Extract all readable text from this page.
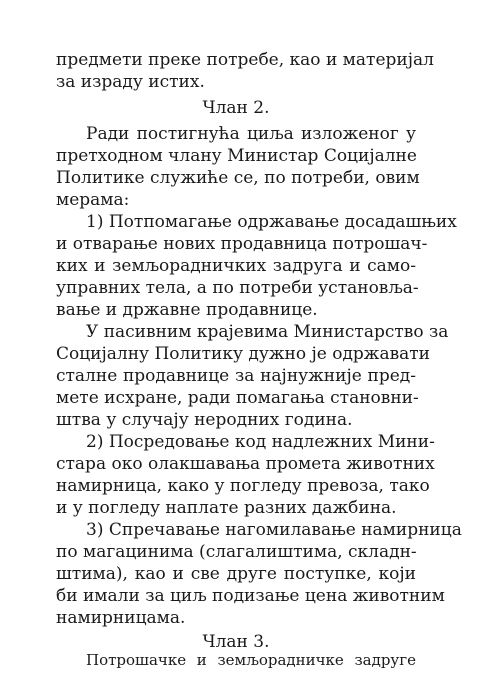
предмети преке потребе, као и материјал
за израду истих.
Члан 2.
Ради постигнућа циља изложеног у
претходном члану Министар Социјалне
Политике служиће се, по потреби, овим
мерама:
1) Потпомагање одржавање досадашњих
и отварање нових продавница потрошач-
ких и земљорадничких задруга и само-
управних тела, а по потреби установља-
вање и државне продавнице.
У пасивним крајевима Министарство за
Социјалну Политику дужно је одржавати
сталне продавнице за најнужније пред-
мете исхране, ради помагања становни-
штва у случају неродних година.
2) Посредовање код надлежних Мини-
стара око олакшавања промета животних
намирница, како у погледу превоза, тако
и у погледу наплате разних дажбина.
3) Спречавање нагомилавање намирница
по магацинима (слагалиштима, складн-
штима), као и све друге поступке, који
би имали за циљ подизање цена животним
намирницама.
Члан 3.
Потрошачке и земљорадничке задруге
